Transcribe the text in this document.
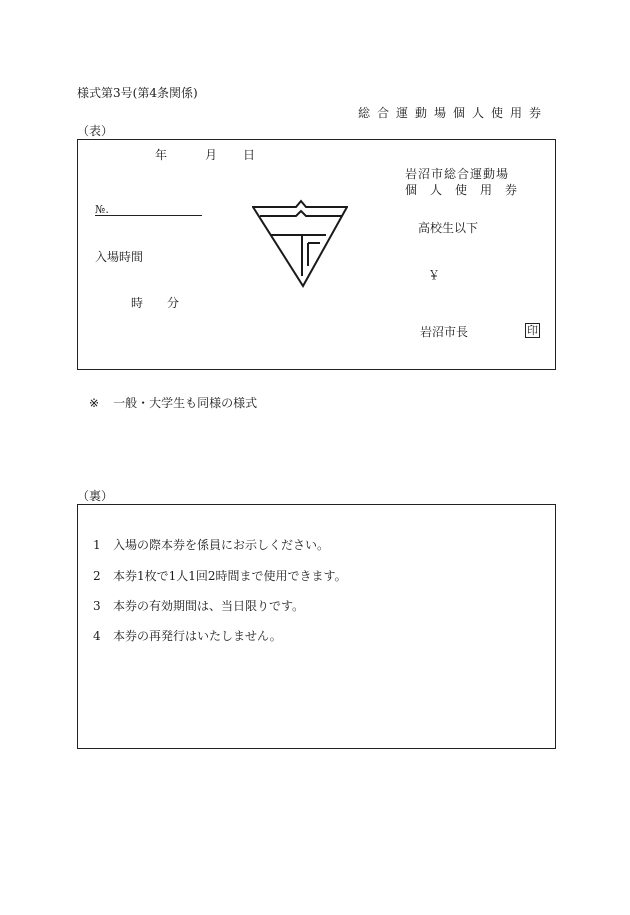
様式第3号(第4条関係)
総合運動場個人使用券
（表）
年	月 日
№.
入場時間
時 分
岩沼市総合運動場
個人使用券
高校生以下
￥
岩沼市長	印
※ 一般・大学生も同様の様式
（裏）
1 入場の際本券を係員にお示しください。
2 本券1枚で1人1回2時間まで使用できます。
3 本券の有効期間は、当日限りです。
4 本券の再発行はいたしません。
